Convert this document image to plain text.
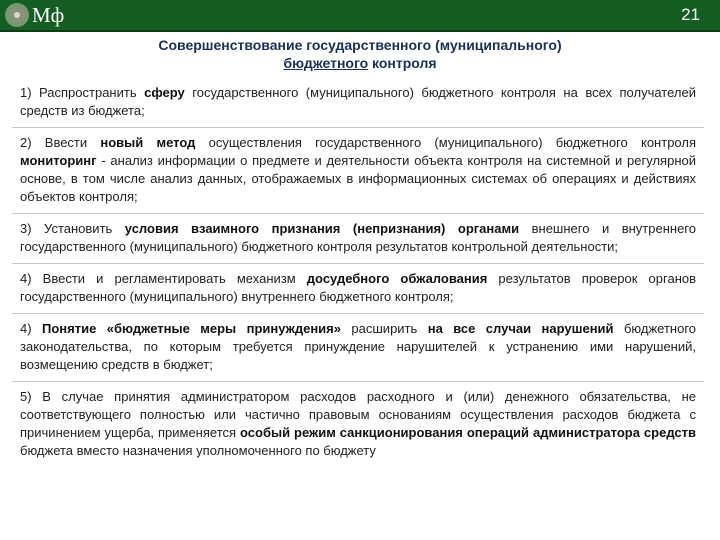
Мф	21
Совершенствование государственного (муниципального)
бюджетного контроля
1) Распространить сферу государственного (муниципального) бюджетного контроля на всех получателей средств из бюджета;
2) Ввести новый метод осуществления государственного (муниципального) бюджетного контроля мониторинг - анализ информации о предмете и деятельности объекта контроля на системной и регулярной основе, в том числе анализ данных, отображаемых в информационных системах об операциях и действиях объектов контроля;
3) Установить условия взаимного признания (непризнания) органами внешнего и внутреннего государственного (муниципального) бюджетного контроля результатов контрольной деятельности;
4) Ввести и регламентировать механизм досудебного обжалования результатов проверок органов государственного (муниципального) внутреннего бюджетного контроля;
4) Понятие «бюджетные меры принуждения» расширить на все случаи нарушений бюджетного законодательства, по которым требуется принуждение нарушителей к устранению ими нарушений, возмещению средств в бюджет;
5) В случае принятия администратором расходов расходного и (или) денежного обязательства, не соответствующего полностью или частично правовым основаниям осуществления расходов бюджета с причинением ущерба, применяется особый режим санкционирования операций администратора средств бюджета вместо назначения уполномоченного по бюджету
